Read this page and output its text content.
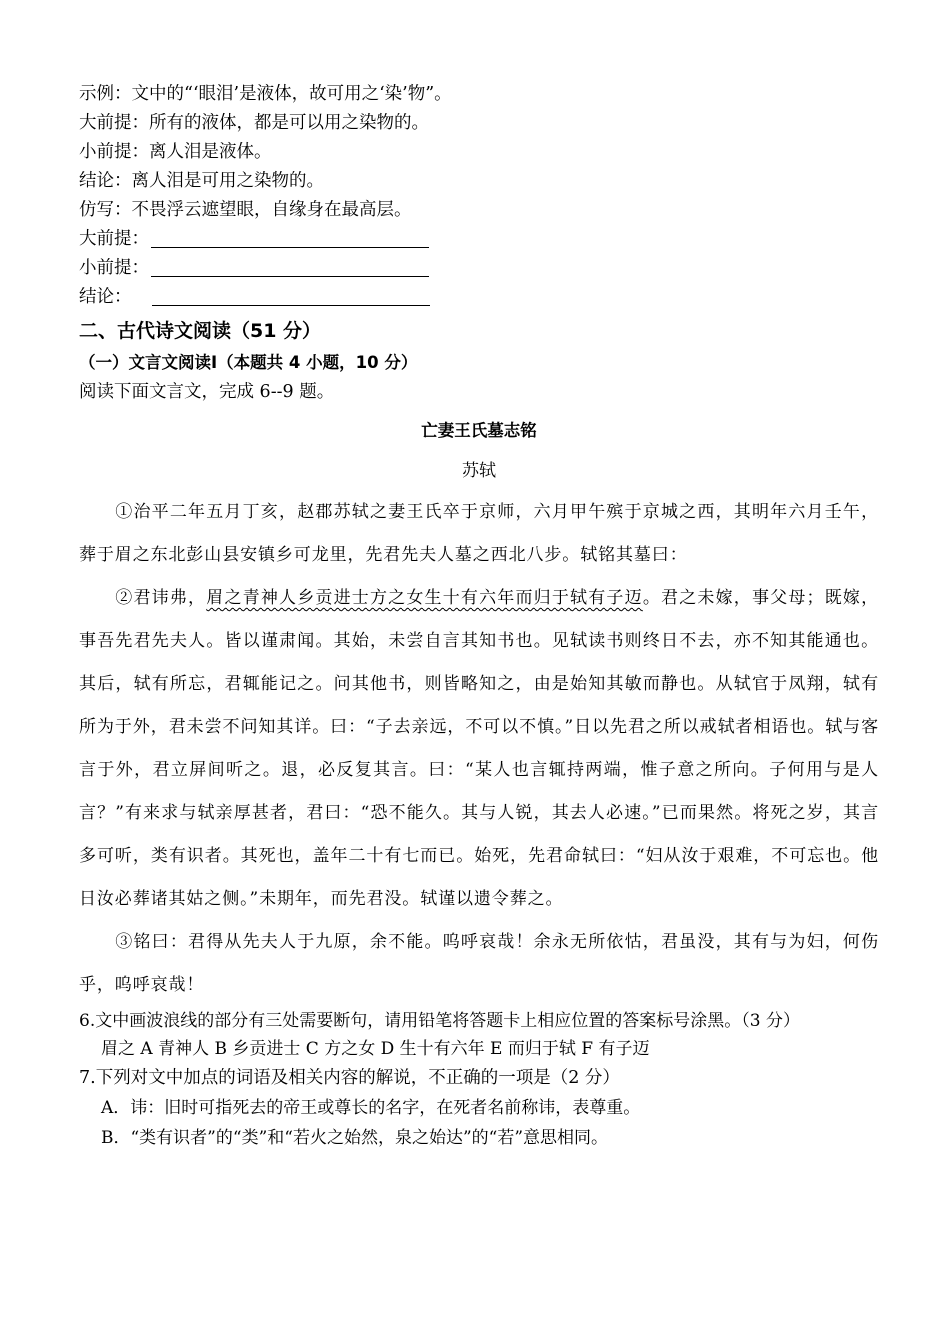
示例：文中的“‘眼泪’是液体，故可用之‘染’物”。
大前提：所有的液体，都是可以用之染物的。
小前提：离人泪是液体。
结论：离人泪是可用之染物的。
仿写：不畏浮云遮望眼，自缘身在最高层。
大前提：
小前提：
结论：
二、古代诗文阅读（51 分）
（一）文言文阅读Ⅰ（本题共 4 小题，10 分）
阅读下面文言文，完成 6--9 题。
亡妻王氏墓志铭
苏轼
①治平二年五月丁亥，赵郡苏轼之妻王氏卒于京师，六月甲午殡于京城之西，其明年六月壬午，葬于眉之东北彭山县安镇乡可龙里，先君先夫人墓之西北八步。轼铭其墓曰：
②君讳弗，眉之青神人乡贡进士方之女生十有六年而归于轼有子迈。君之未嫁，事父母；既嫁，事吾先君先夫人。皆以谨肃闻。其始，未尝自言其知书也。见轼读书则终日不去，亦不知其能通也。其后，轼有所忘，君辄能记之。问其他书，则皆略知之，由是始知其敏而静也。从轼官于凤翔，轼有所为于外，君未尝不问知其详。曰：“子去亲远，不可以不慎。”日以先君之所以戒轼者相语也。轼与客言于外，君立屏间听之。退，必反复其言。曰：“某人也言辄持两端，惟子意之所向。子何用与是人言？”有来求与轼亲厚甚者，君曰：“恐不能久。其与人锐，其去人必速。”已而果然。将死之岁，其言多可听，类有识者。其死也，盖年二十有七而已。始死，先君命轼曰：“妇从汝于艰难，不可忘也。他日汝必葬诸其姑之侧。”未期年，而先君没。轼谨以遗令葬之。
③铭曰：君得从先夫人于九原，余不能。呜呼哀哉！余永无所依怙，君虽没，其有与为妇，何伤乎，呜呼哀哉！
6.文中画波浪线的部分有三处需要断句，请用铅笔将答题卡上相应位置的答案标号涂黑。（3 分）
眉之 A 青神人 B 乡贡进士 C 方之女 D 生十有六年 E 而归于轼 F 有子迈
7.下列对文中加点的词语及相关内容的解说，不正确的一项是（2 分）
A．讳：旧时可指死去的帝王或尊长的名字，在死者名前称讳，表尊重。
B．“类有识者”的“类”和“若火之始然，泉之始达”的“若”意思相同。
